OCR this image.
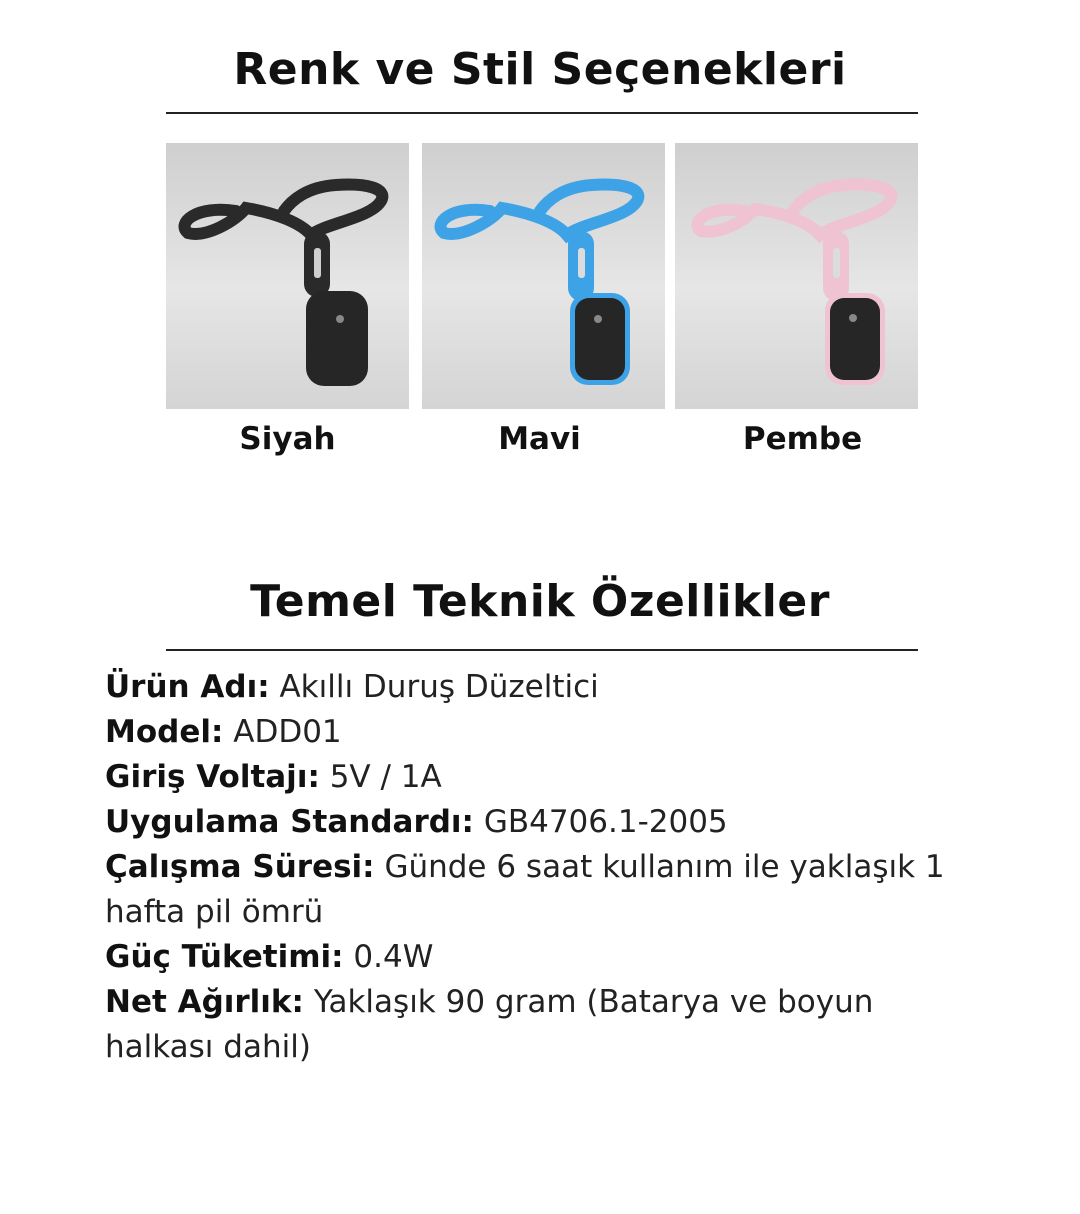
Renk ve Stil Seçenekleri
Siyah	Mavi	Pembe
Temel Teknik Özellikler

Ürün Adı: Akıllı Duruş Düzeltici

Model: ADD01

Giriş Voltajı: 5V / 1A

Uygulama Standardı: GB4706.1-2005

Çalışma Süresi: Günde 6 saat kullanım ile yaklaşık 1 hafta pil ömrü

Güç Tüketimi: 0.4W

Net Ağırlık: Yaklaşık 90 gram (Batarya ve boyun halkası dahil)
